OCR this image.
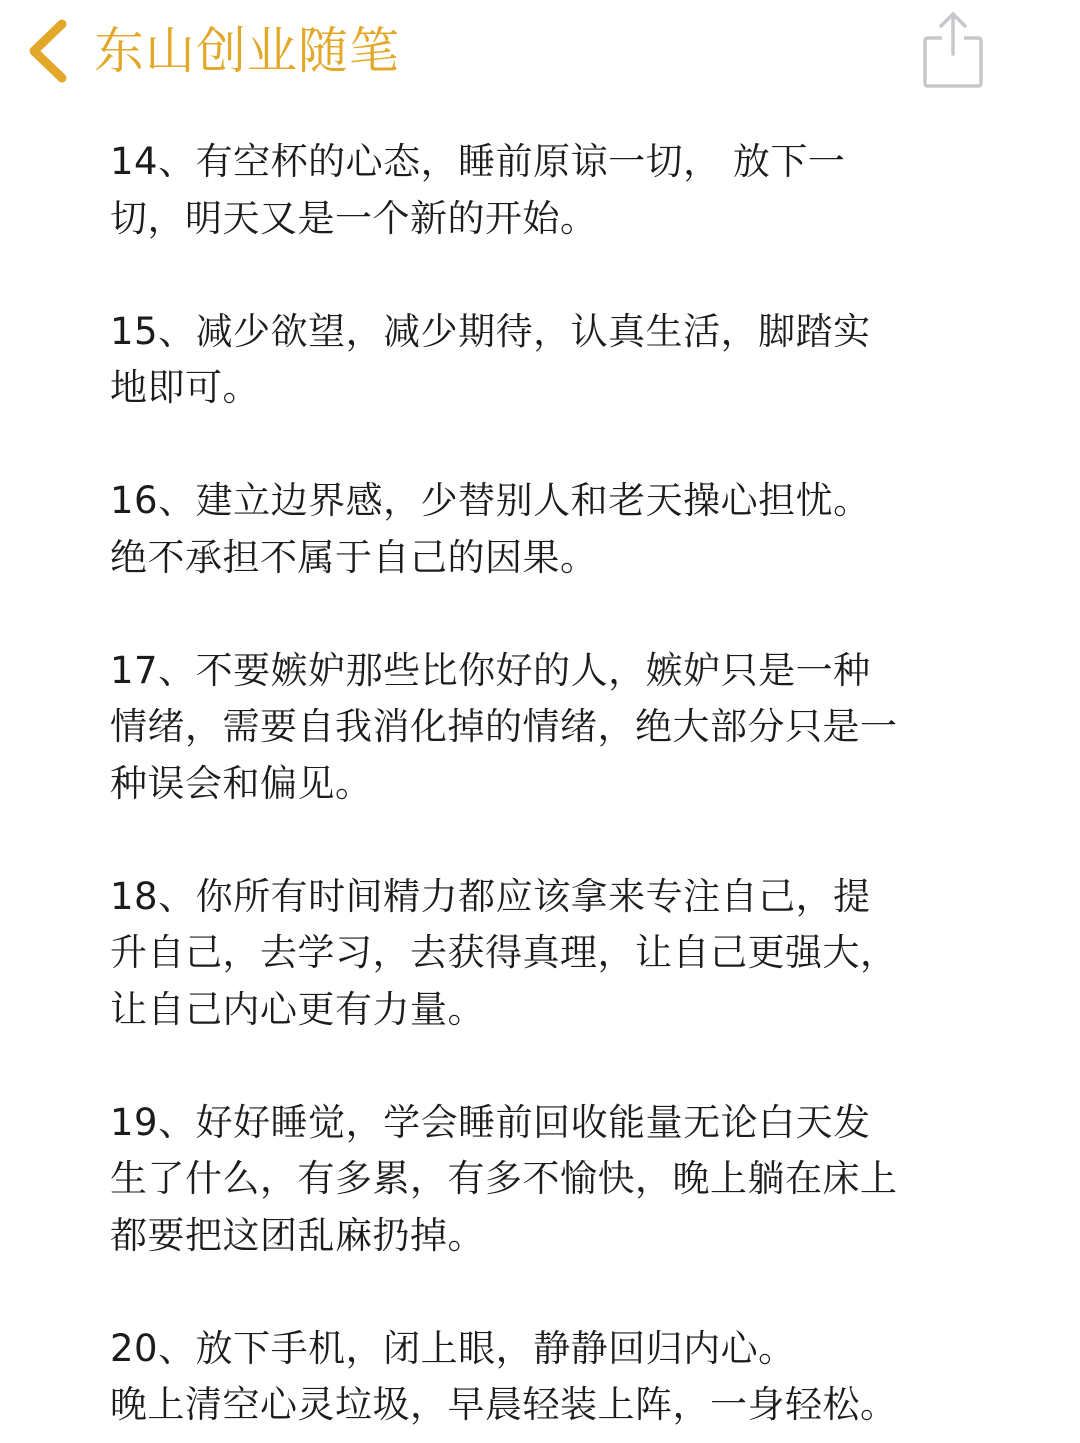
东山创业随笔
14、有空杯的心态，睡前原谅一切， 放下一
切，明天又是一个新的开始。
15、减少欲望，减少期待，认真生活，脚踏实
地即可。
16、建立边界感，少替别人和老天操心担忧。
绝不承担不属于自己的因果。
17、不要嫉妒那些比你好的人，嫉妒只是一种
情绪，需要自我消化掉的情绪，绝大部分只是一
种误会和偏见。
18、你所有时间精力都应该拿来专注自己，提
升自己，去学习，去获得真理，让自己更强大，
让自己内心更有力量。
19、好好睡觉，学会睡前回收能量无论白天发
生了什么，有多累，有多不愉快，晚上躺在床上
都要把这团乱麻扔掉。
20、放下手机，闭上眼，静静回归内心。
晚上清空心灵垃圾，早晨轻装上阵，一身轻松。
